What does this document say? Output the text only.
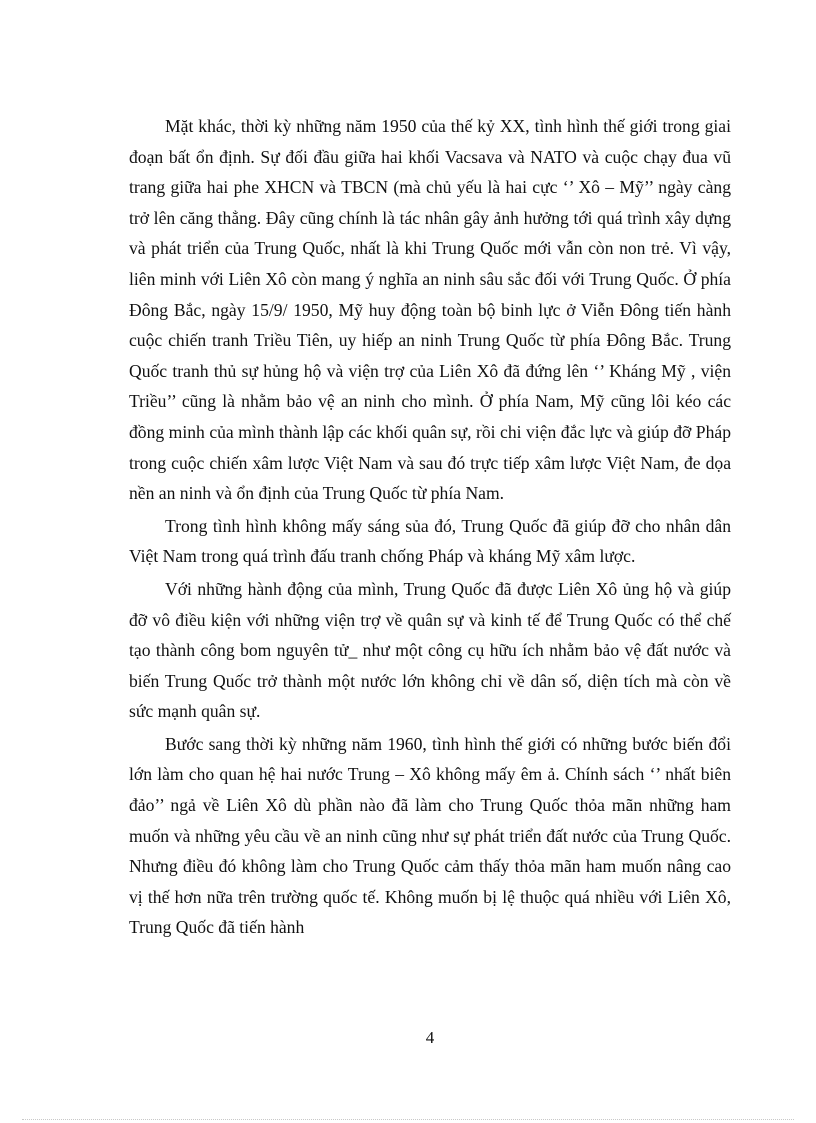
Mặt khác, thời kỳ những năm 1950 của thế kỷ XX, tình hình thế giới trong giai đoạn bất ổn định. Sự đối đầu giữa hai khối Vacsava và NATO và cuộc chạy đua vũ trang giữa hai phe XHCN và TBCN (mà chủ yếu là hai cực ‘’ Xô – Mỹ’’ ngày càng trở lên căng thẳng. Đây cũng chính là tác nhân gây ảnh hưởng tới quá trình xây dựng và phát triển của Trung Quốc, nhất là khi Trung Quốc mới vẫn còn non trẻ. Vì vậy, liên minh với Liên Xô còn mang ý nghĩa an ninh sâu sắc đối với Trung Quốc. Ở phía Đông Bắc, ngày 15/9/ 1950, Mỹ huy động toàn bộ binh lực ở Viễn Đông tiến hành cuộc chiến tranh Triều Tiên, uy hiếp an ninh Trung Quốc từ phía Đông Bắc. Trung Quốc tranh thủ sự hủng hộ và viện trợ của Liên Xô đã đứng lên ‘’ Kháng Mỹ , viện Triều’’ cũng là nhằm bảo vệ an ninh cho mình. Ở phía Nam, Mỹ cũng lôi kéo các đồng minh của mình thành lập các khối quân sự, rồi chi viện đắc lực và giúp đỡ Pháp trong cuộc chiến xâm lược Việt Nam và sau đó trực tiếp xâm lược Việt Nam, đe dọa nền an ninh và ổn định của Trung Quốc từ phía Nam.

Trong tình hình không mấy sáng sủa đó, Trung Quốc đã giúp đỡ cho nhân dân Việt Nam trong quá trình đấu tranh chống Pháp và kháng Mỹ xâm lược.

Với những hành động của mình, Trung Quốc đã được Liên Xô ủng hộ và giúp đỡ vô điều kiện với những viện trợ về quân sự và kinh tế để Trung Quốc có thể chế tạo thành công bom nguyên tử_ như một công cụ hữu ích nhằm bảo vệ đất nước và biến Trung Quốc trở thành một nước lớn không chỉ về dân số, diện tích mà còn về sức mạnh quân sự.

Bước sang thời kỳ những năm 1960, tình hình thế giới có những bước biến đổi lớn làm cho quan hệ hai nước Trung – Xô không mấy êm ả. Chính sách ‘’ nhất biên đảo’’ ngả về Liên Xô dù phần nào đã làm cho Trung Quốc thỏa mãn những ham muốn và những yêu cầu về an ninh cũng như sự phát triển đất nước của Trung Quốc. Nhưng điều đó không làm cho Trung Quốc cảm thấy thỏa mãn ham muốn nâng cao vị thế hơn nữa trên trường quốc tế. Không muốn bị lệ thuộc quá nhiều với Liên Xô, Trung Quốc đã tiến hành

4
